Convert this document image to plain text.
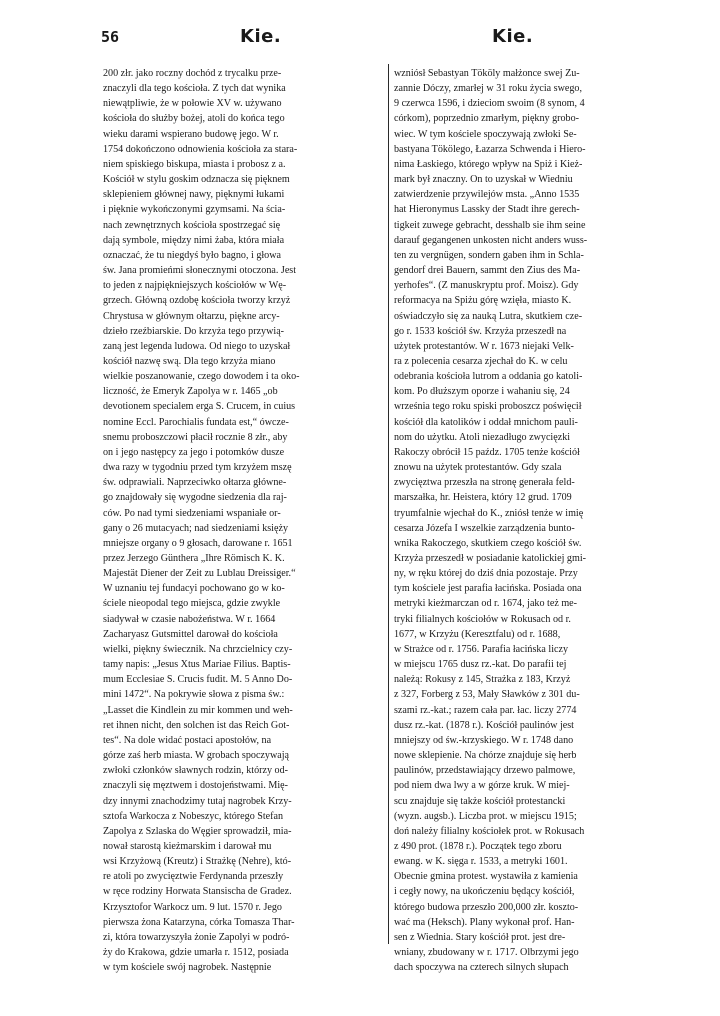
56	Kie.	Kie.
200 złr. jako roczny dochód z trycalku prze-
znaczyli dla tego kościoła. Z tych dat wynika
niewątpliwie, że w połowie XV w. używano
kościoła do służby bożej, atoli do końca tego
wieku darami wspierano budowę jego. W r.
1754 dokończono odnowienia kościoła za stara-
niem spiskiego biskupa, miasta i probosz z a.
Kościół w stylu goskim odznacza się pięknem
sklepieniem głównej nawy, pięknymi łukami
i pięknie wykończonymi gzymsami. Na ścia-
nach zewnętrznych kościoła spostrzegać się
dają symbole, między nimi żaba, która miała
oznaczać, że tu niegdyś było bagno, i głowa
św. Jana promieńmi słonecznymi otoczona. Jest
to jeden z najpiękniejszych kościołów w Wę-
grzech. Główną ozdobę kościoła tworzy krzyż
Chrystusa w głównym ołtarzu, piękne arcy-
dzieło rzeźbiarskie. Do krzyża tego przywią-
zaną jest legenda ludowa. Od niego to uzyskał
kościół nazwę swą. Dla tego krzyża miano
wielkie poszanowanie, czego dowodem i ta oko-
liczność, że Emeryk Zapolya w r. 1465 „ob
devotionem specialem erga S. Crucem, in cuius
nomine Eccl. Parochialis fundata est,“ ówcze-
snemu proboszczowi płacił rocznie 8 złr., aby
on i jego następcy za jego i potomków dusze
dwa razy w tygodniu przed tym krzyżem mszę
św. odprawiali. Naprzeciwko ołtarza główne-
go znajdowały się wygodne siedzenia dla raj-
ców. Po nad tymi siedzeniami wspaniałe or-
gany o 26 mutacyach; nad siedzeniami księży
mniejsze organy o 9 głosach, darowane r. 1651
przez Jerzego Günthera „Ihre Römisch K. K.
Majestät Diener der Zeit zu Lublau Dreissiger.“
W uznaniu tej fundacyi pochowano go w ko-
ściele nieopodal tego miejsca, gdzie zwykle
siadywał w czasie nabożeństwa. W r. 1664
Zacharyasz Gutsmittel darował do kościoła
wielki, piękny świecznik. Na chrzcielnicy czy-
tamy napis: „Jesus Xtus Mariae Filius. Baptis-
mum Ecclesiae S. Crucis fudit. M. 5 Anno Do-
mini 1472“. Na pokrywie słowa z pisma św.:
„Lasset die Kindlein zu mir kommen und weh-
ret ihnen nicht, den solchen ist das Reich Got-
tes“. Na dole widać postaci apostołów, na
górze zaś herb miasta. W grobach spoczywają
zwłoki członków sławnych rodzin, którzy od-
znaczyli się męztwem i dostojeństwami. Mię-
dzy innymi znachodzimy tutaj nagrobek Krzy-
sztofa Warkocza z Nobeszyc, którego Stefan
Zapolya z Szlaska do Węgier sprowadził, mia-
nował starostą kieżmarskim i darował mu
wsi Krzyżową (Kreutz) i Strażkę (Nehre), któ-
re atoli po zwycięztwie Ferdynanda przeszły
w ręce rodziny Horwata Stansischa de Gradez.
Krzysztofor Warkocz um. 9 lut. 1570 r. Jego
pierwsza żona Katarzyna, córka Tomasza Thar-
zi, która towarzyszyła żonie Zapolyi w podró-
ży do Krakowa, gdzie umarła r. 1512, posiada
w tym kościele swój nagrobek. Następnie
wzniósł Sebastyan Tököly małżonce swej Zu-
zannie Dóczy, zmarłej w 31 roku życia swego,
9 czerwca 1596, i dzieciom swoim (8 synom, 4
córkom), poprzednio zmarłym, piękny grobo-
wiec. W tym kościele spoczywają zwłoki Se-
bastyana Tökölego, Łazarza Schwenda i Hiero-
nima Łaskiego, którego wpływ na Spiż i Kież-
mark był znaczny. On to uzyskał w Wiedniu
zatwierdzenie przywilejów msta. „Anno 1535
hat Hieronymus Lassky der Stadt ihre gerech-
tigkeit zuwege gebracht, desshalb sie ihm seine
darauf gegangenen unkosten nicht anders wuss-
ten zu vergnügen, sondern gaben ihm in Schla-
gendorf drei Bauern, sammt den Zius des Ma-
yerhofes“. (Z manuskryptu prof. Moisz). Gdy
reformacya na Spiżu górę wzięła, miasto K.
oświadczyło się za nauką Lutra, skutkiem cze-
go r. 1533 kościół św. Krzyża przeszedł na
użytek protestantów. W r. 1673 niejaki Velk-
ra z polecenia cesarza zjechał do K. w celu
odebrania kościoła lutrom a oddania go katoli-
kom. Po dłuższym oporze i wahaniu się, 24
września tego roku spiski proboszcz poświęcił
kościół dla katolików i oddał mnichom pauli-
nom do użytku. Atoli niezadługo zwycięzki
Rakoczy obrócił 15 paźdz. 1705 tenże kościół
znowu na użytek protestantów. Gdy szala
zwycięztwa przeszła na stronę generała feld-
marszałka, hr. Heistera, który 12 grud. 1709
tryumfalnie wjechał do K., zniósł tenże w imię
cesarza Józefa I wszelkie zarządzenia bunto-
wnika Rakoczego, skutkiem czego kościół św.
Krzyża przeszedł w posiadanie katolickiej gmi-
ny, w ręku której do dziś dnia pozostaje. Przy
tym kościele jest parafia łacińska. Posiada ona
metryki kieżmarczan od r. 1674, jako też me-
tryki filialnych kościołów w Rokusach od r.
1677, w Krzyżu (Keresztfalu) od r. 1688,
w Strażce od r. 1756. Parafia łacińska liczy
w miejscu 1765 dusz rz.-kat. Do parafii tej
należą: Rokusy z 145, Strażka z 183, Krzyż
z 327, Forberg z 53, Mały Sławków z 301 du-
szami rz.-kat.; razem cała par. łac. liczy 2774
dusz rz.-kat. (1878 r.). Kościół paulinów jest
mniejszy od św.-krzyskiego. W r. 1748 dano
nowe sklepienie. Na chórze znajduje się herb
paulinów, przedstawiający drzewo palmowe,
pod niem dwa lwy a w górze kruk. W miej-
scu znajduje się także kościół protestancki
(wyzn. augsb.). Liczba prot. w miejscu 1915;
doń należy filialny kościołek prot. w Rokusach
z 490 prot. (1878 r.). Początek tego zboru
ewang. w K. sięga r. 1533, a metryki 1601.
Obecnie gmina protest. wystawiła z kamienia
i cegły nowy, na ukończeniu będący kościół,
którego budowa przeszło 200,000 złr. koszto-
wać ma (Heksch). Plany wykonał prof. Han-
sen z Wiednia. Stary kościół prot. jest dre-
wniany, zbudowany w r. 1717. Olbrzymi jego
dach spoczywa na czterech silnych słupach
